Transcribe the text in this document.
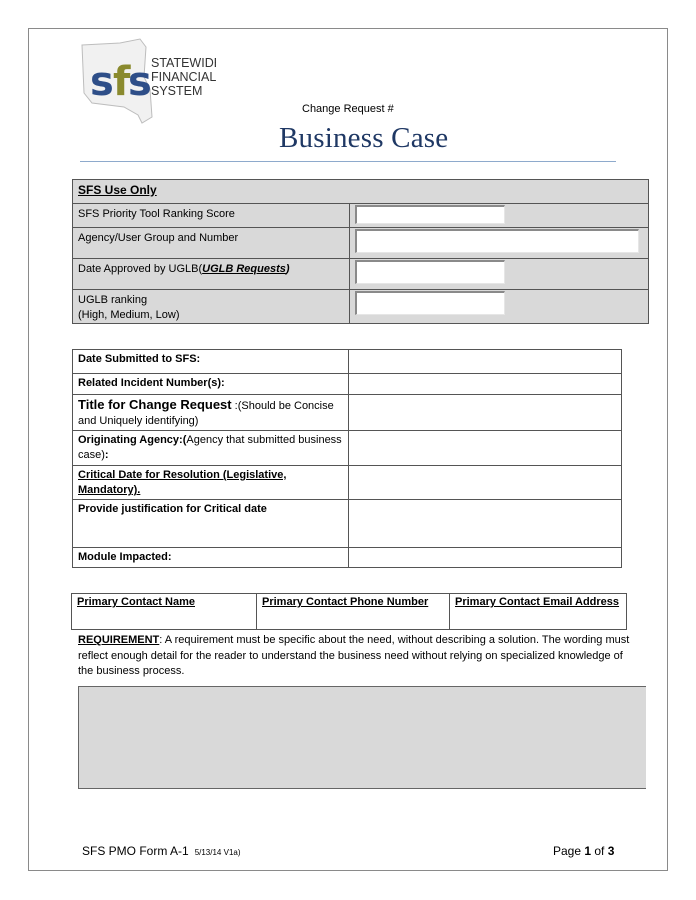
s f s STATEWIDE
FINANCIAL
SYSTEM
Change Request #
Business Case
SFS Use Only	
SFS Priority Tool Ranking Score	

Agency/User Group and Number	

Date Approved by UGLB(UGLB Requests)	

UGLB ranking
(High, Medium, Low)	

Date Submitted to SFS:	
Related Incident Number(s):	
Title for Change Request :(Should be Concise and Uniquely identifying)	
Originating Agency:(Agency that submitted business case):	
Critical Date for Resolution (Legislative, Mandatory).	
Provide justification for Critical date	
Module Impacted:	
Primary Contact Name	Primary Contact Phone Number	Primary Contact Email Address
REQUIREMENT: A requirement must be specific about the need, without describing a solution. The wording must reflect enough detail for the reader to understand the business need without relying on specialized knowledge of the business process.
SFS PMO Form A-1 5/13/14 V1a)	Page 1 of 3
